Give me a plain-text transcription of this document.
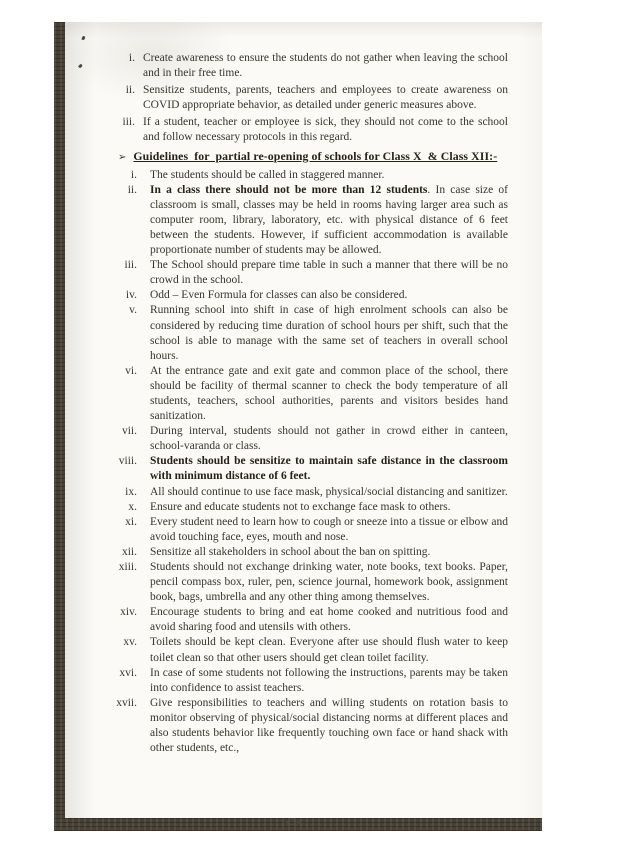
i. Create awareness to ensure the students do not gather when leaving the school and in their free time.
ii. Sensitize students, parents, teachers and employees to create awareness on COVID appropriate behavior, as detailed under generic measures above.
iii. If a student, teacher or employee is sick, they should not come to the school and follow necessary protocols in this regard.
➢ Guidelines  for  partial re-opening of schools for Class X  & Class XII:-
i. The students should be called in staggered manner.
ii. In a class there should not be more than 12 students. In case size of classroom is small, classes may be held in rooms having larger area such as computer room, library, laboratory, etc. with physical distance of 6 feet between the students. However, if sufficient accommodation is available proportionate number of students may be allowed.
iii. The School should prepare time table in such a manner that there will be no crowd in the school.
iv. Odd – Even Formula for classes can also be considered.
v. Running school into shift in case of high enrolment schools can also be considered by reducing time duration of school hours per shift, such that the school is able to manage with the same set of teachers in overall school hours.
vi. At the entrance gate and exit gate and common place of the school, there should be facility of thermal scanner to check the body temperature of all students, teachers, school authorities, parents and visitors besides hand sanitization.
vii. During interval, students should not gather in crowd either in canteen, school-varanda or class.
viii. Students should be sensitize to maintain safe distance in the classroom with minimum distance of 6 feet.
ix. All should continue to use face mask, physical/social distancing and sanitizer.
x. Ensure and educate students not to exchange face mask to others.
xi. Every student need to learn how to cough or sneeze into a tissue or elbow and avoid touching face, eyes, mouth and nose.
xii. Sensitize all stakeholders in school about the ban on spitting.
xiii. Students should not exchange drinking water, note books, text books. Paper, pencil compass box, ruler, pen, science journal, homework book, assignment book, bags, umbrella and any other thing among themselves.
xiv. Encourage students to bring and eat home cooked and nutritious food and avoid sharing food and utensils with others.
xv. Toilets should be kept clean. Everyone after use should flush water to keep toilet clean so that other users should get clean toilet facility.
xvi. In case of some students not following the instructions, parents may be taken into confidence to assist teachers.
xvii. Give responsibilities to teachers and willing students on rotation basis to monitor observing of physical/social distancing norms at different places and also students behavior like frequently touching own face or hand shack with other students, etc.,
-3-
